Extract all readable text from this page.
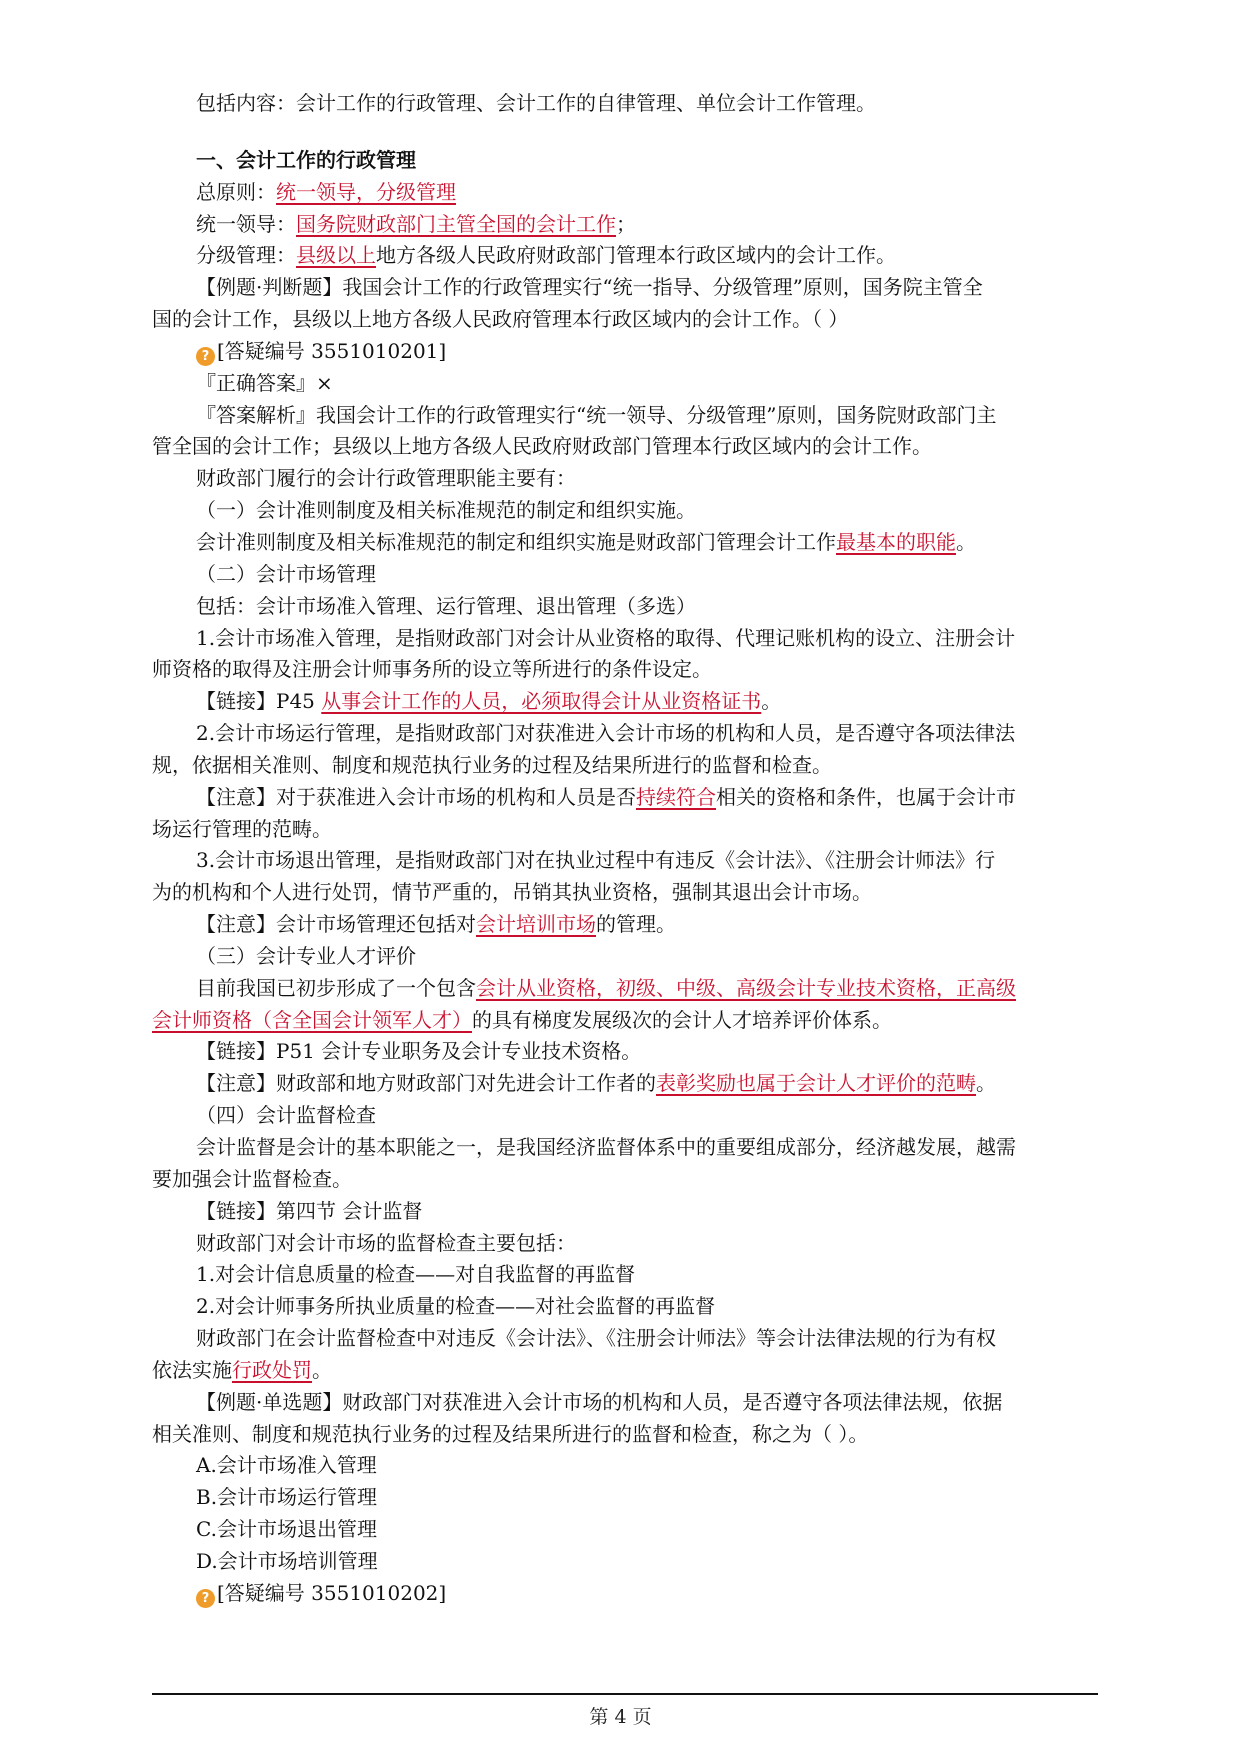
包括内容：会计工作的行政管理、会计工作的自律管理、单位会计工作管理。
一、会计工作的行政管理
总原则：统一领导，分级管理
统一领导：国务院财政部门主管全国的会计工作；
分级管理：县级以上地方各级人民政府财政部门管理本行政区域内的会计工作。
【例题·判断题】我国会计工作的行政管理实行“统一指导、分级管理”原则，国务院主管全
国的会计工作，县级以上地方各级人民政府管理本行政区域内的会计工作。（ ）
? [答疑编号 3551010201]
『正确答案』×
『答案解析』我国会计工作的行政管理实行“统一领导、分级管理”原则，国务院财政部门主
管全国的会计工作；县级以上地方各级人民政府财政部门管理本行政区域内的会计工作。
财政部门履行的会计行政管理职能主要有：
（一）会计准则制度及相关标准规范的制定和组织实施。
会计准则制度及相关标准规范的制定和组织实施是财政部门管理会计工作最基本的职能。
（二）会计市场管理
包括：会计市场准入管理、运行管理、退出管理（多选）
1.会计市场准入管理，是指财政部门对会计从业资格的取得、代理记账机构的设立、注册会计
师资格的取得及注册会计师事务所的设立等所进行的条件设定。
【链接】P45 从事会计工作的人员，必须取得会计从业资格证书。
2.会计市场运行管理，是指财政部门对获准进入会计市场的机构和人员，是否遵守各项法律法
规，依据相关准则、制度和规范执行业务的过程及结果所进行的监督和检查。
【注意】对于获准进入会计市场的机构和人员是否持续符合相关的资格和条件，也属于会计市
场运行管理的范畴。
3.会计市场退出管理，是指财政部门对在执业过程中有违反《会计法》、《注册会计师法》行
为的机构和个人进行处罚，情节严重的，吊销其执业资格，强制其退出会计市场。
【注意】会计市场管理还包括对会计培训市场的管理。
（三）会计专业人才评价
目前我国已初步形成了一个包含会计从业资格，初级、中级、高级会计专业技术资格，正高级
会计师资格（含全国会计领军人才）的具有梯度发展级次的会计人才培养评价体系。
【链接】P51 会计专业职务及会计专业技术资格。
【注意】财政部和地方财政部门对先进会计工作者的表彰奖励也属于会计人才评价的范畴。
（四）会计监督检查
会计监督是会计的基本职能之一，是我国经济监督体系中的重要组成部分，经济越发展，越需
要加强会计监督检查。
【链接】第四节 会计监督
财政部门对会计市场的监督检查主要包括：
1.对会计信息质量的检查——对自我监督的再监督
2.对会计师事务所执业质量的检查——对社会监督的再监督
财政部门在会计监督检查中对违反《会计法》、《注册会计师法》等会计法律法规的行为有权
依法实施行政处罚。
【例题·单选题】财政部门对获准进入会计市场的机构和人员，是否遵守各项法律法规，依据
相关准则、制度和规范执行业务的过程及结果所进行的监督和检查，称之为（ ）。
A.会计市场准入管理
B.会计市场运行管理
C.会计市场退出管理
D.会计市场培训管理
? [答疑编号 3551010202]
第 4 页
